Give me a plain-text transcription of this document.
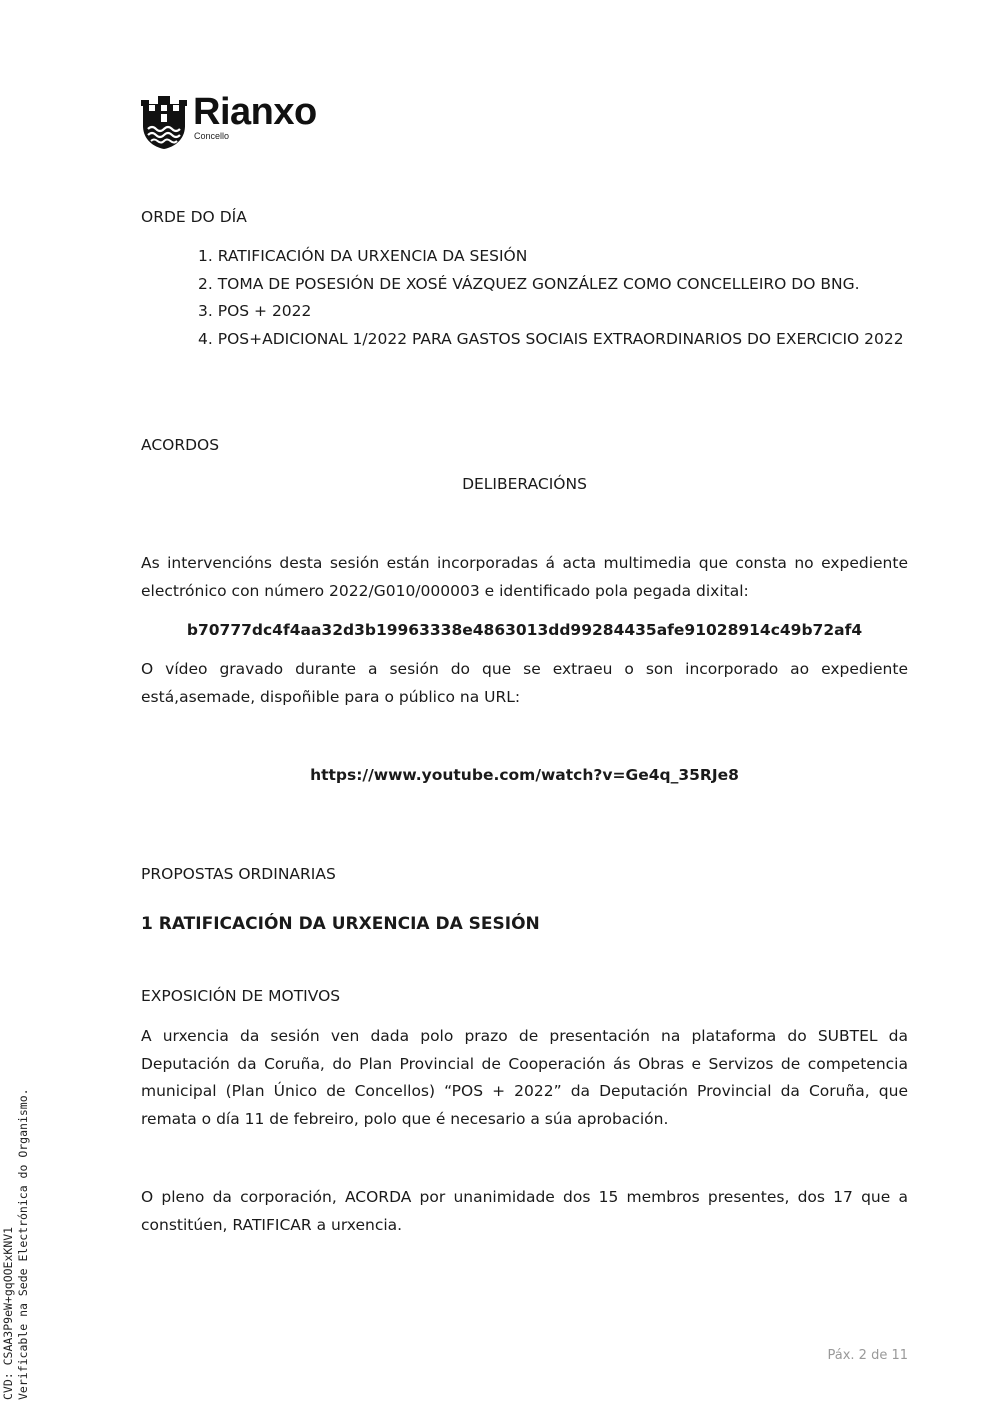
Rianxo
Concello
ORDE DO DÍA
1. RATIFICACIÓN DA URXENCIA DA SESIÓN
2. TOMA DE POSESIÓN DE XOSÉ VÁZQUEZ GONZÁLEZ COMO CONCELLEIRO DO BNG.
3. POS + 2022
4. POS+ADICIONAL 1/2022 PARA GASTOS SOCIAIS EXTRAORDINARIOS DO EXERCICIO 2022
ACORDOS
DELIBERACIÓNS
As intervencións desta sesión están incorporadas á acta multimedia que consta no expediente electrónico con número 2022/G010/000003 e identificado pola pegada dixital:
b70777dc4f4aa32d3b19963338e4863013dd99284435afe91028914c49b72af4
O vídeo gravado durante a sesión do que se extraeu o son incorporado ao expediente está,asemade, dispoñible para o público na URL:
https://www.youtube.com/watch?v=Ge4q_35RJe8
PROPOSTAS ORDINARIAS
1 RATIFICACIÓN DA URXENCIA DA SESIÓN
EXPOSICIÓN DE MOTIVOS
A urxencia da sesión ven dada polo prazo de presentación na plataforma do SUBTEL da Deputación da Coruña, do Plan Provincial de Cooperación ás Obras e Servizos de competencia municipal (Plan Único de Concellos) “POS + 2022” da Deputación Provincial da Coruña, que remata o día 11 de febreiro, polo que é necesario a súa aprobación.
O pleno da corporación, ACORDA por unanimidade dos 15 membros presentes, dos 17 que a constitúen, RATIFICAR a urxencia.
Páx. 2 de 11
CVD: CSAA3P9eW+gqOOExKNV1 Verificable na Sede Electrónica do Organismo.
